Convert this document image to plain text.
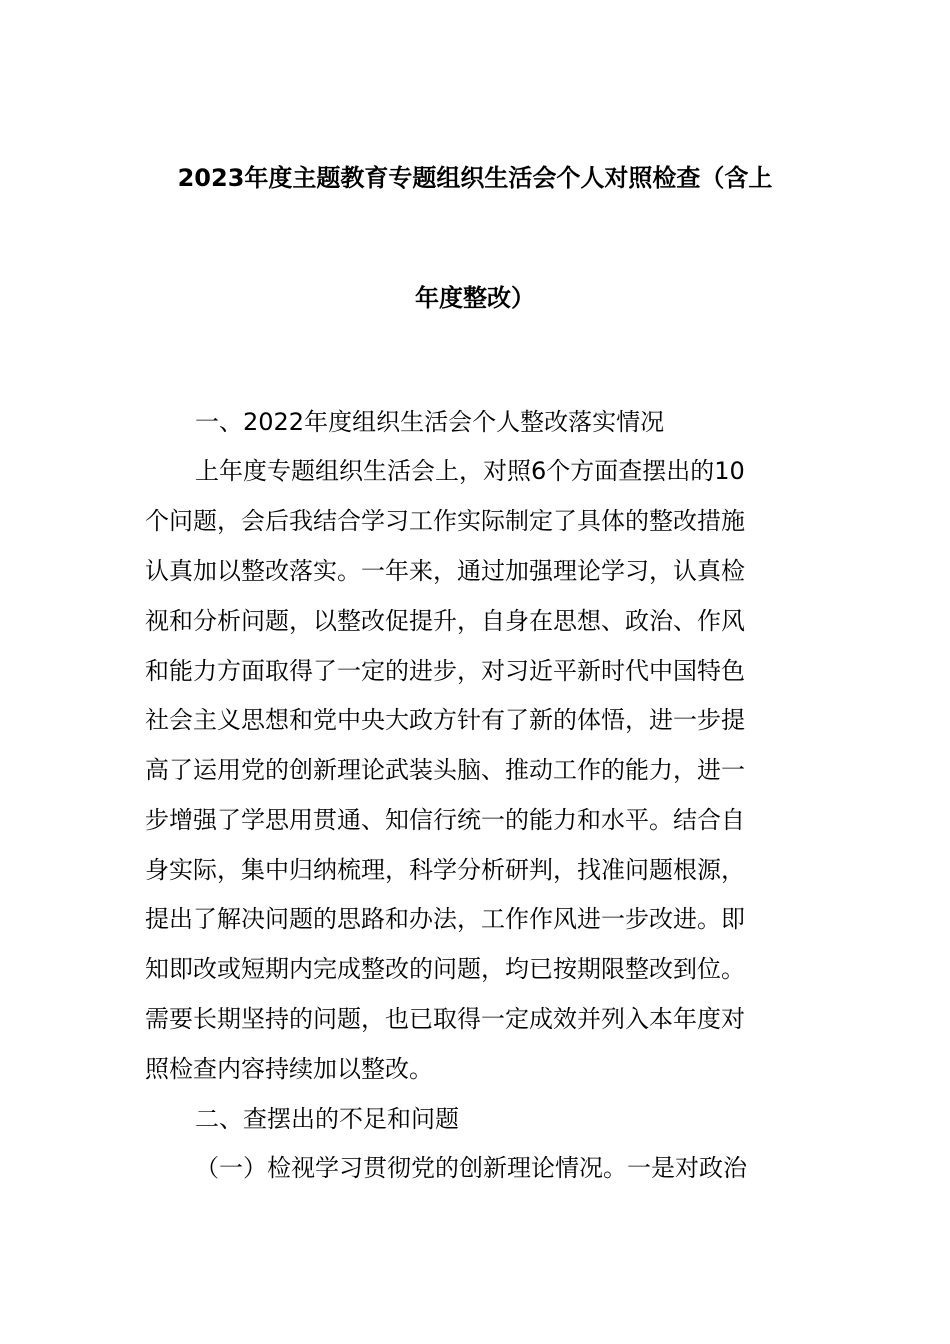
2023年度主题教育专题组织生活会个人对照检查（含上
年度整改）
一、2022年度组织生活会个人整改落实情况
上年度专题组织生活会上，对照6个方面查摆出的10
个问题，会后我结合学习工作实际制定了具体的整改措施
认真加以整改落实。一年来，通过加强理论学习，认真检
视和分析问题，以整改促提升，自身在思想、政治、作风
和能力方面取得了一定的进步，对习近平新时代中国特色
社会主义思想和党中央大政方针有了新的体悟，进一步提
高了运用党的创新理论武装头脑、推动工作的能力，进一
步增强了学思用贯通、知信行统一的能力和水平。结合自
身实际，集中归纳梳理，科学分析研判，找准问题根源，
提出了解决问题的思路和办法，工作作风进一步改进。即
知即改或短期内完成整改的问题，均已按期限整改到位。
需要长期坚持的问题，也已取得一定成效并列入本年度对
照检查内容持续加以整改。
二、查摆出的不足和问题
（一）检视学习贯彻党的创新理论情况。一是对政治
